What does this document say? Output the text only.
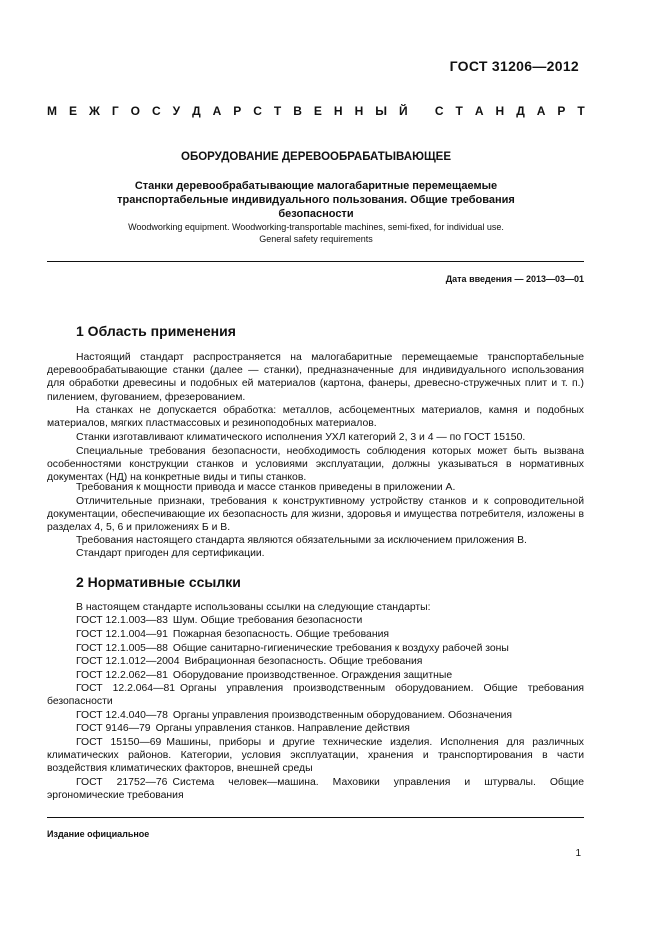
ГОСТ 31206—2012
М Е Ж Г О С У Д А Р С Т В Е Н Н Ы Й
С Т А Н Д А Р Т
ОБОРУДОВАНИЕ ДЕРЕВООБРАБАТЫВАЮЩЕЕ
Станки деревообрабатывающие малогабаритные перемещаемые транспортабельные индивидуального пользования. Общие требования безопасности
Woodworking equipment. Woodworking-transportable machines, semi-fixed, for individual use.
General safety requirements
Дата введения — 2013—03—01
1 Область применения

Настоящий стандарт распространяется на малогабаритные перемещаемые транспортабельные деревообрабатывающие станки (далее — станки), предназначенные для индивидуального использования для обработки древесины и подобных ей материалов (картона, фанеры, древесно-стружечных плит и т. п.) пилением, фугованием, фрезерованием.

На станках не допускается обработка: металлов, асбоцементных материалов, камня и подобных материалов, мягких пластмассовых и резиноподобных материалов.

Станки изготавливают климатического исполнения УХЛ категорий 2, 3 и 4 — по ГОСТ 15150.

Специальные требования безопасности, необходимость соблюдения которых может быть вызвана особенностями конструкции станков и условиями эксплуатации, должны указываться в нормативных документах (НД) на конкретные виды и типы станков.

Требования к мощности привода и массе станков приведены в приложении А.

Отличительные признаки, требования к конструктивному устройству станков и к сопроводительной документации, обеспечивающие их безопасность для жизни, здоровья и имущества потребителя, изложены в разделах 4, 5, 6 и приложениях Б и В.

Требования настоящего стандарта являются обязательными за исключением приложения В.

Стандарт пригоден для сертификации.

2 Нормативные ссылки

В настоящем стандарте использованы ссылки на следующие стандарты:

ГОСТ 12.1.003—83 Шум. Общие требования безопасности

ГОСТ 12.1.004—91 Пожарная безопасность. Общие требования

ГОСТ 12.1.005—88 Общие санитарно-гигиенические требования к воздуху рабочей зоны

ГОСТ 12.1.012—2004 Вибрационная безопасность. Общие требования

ГОСТ 12.2.062—81 Оборудование производственное. Ограждения защитные

ГОСТ 12.2.064—81 Органы управления производственным оборудованием. Общие требования безопасности

ГОСТ 12.4.040—78 Органы управления производственным оборудованием. Обозначения

ГОСТ 9146—79 Органы управления станков. Направление действия

ГОСТ 15150—69 Машины, приборы и другие технические изделия. Исполнения для различных климатических районов. Категории, условия эксплуатации, хранения и транспортирования в части воздействия климатических факторов, внешней среды

ГОСТ 21752—76 Система человек—машина. Маховики управления и штурвалы. Общие эргономические требования

Издание официальное
1
